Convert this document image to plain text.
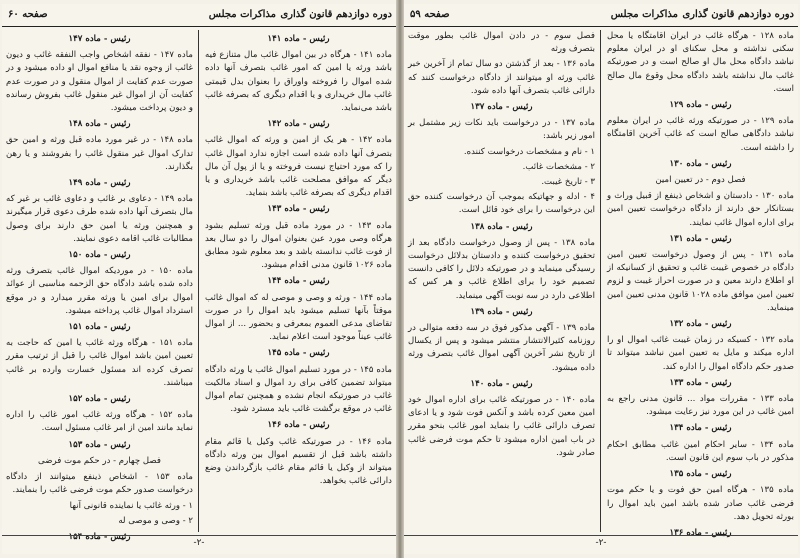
دوره دوازدهم قانون گذاری
مذاکرات مجلس
صفحه ۶۰

رئیس - ماده ۱۴۱

ماده ۱۴۱ - هرگاه در بین اموال غائب مال متنازع فیه باشد ورثه یا امین که امور غائب بتصرف آنها داده شده اموال را فروخته واوراق را بعنوان بدل قیمتی غائب مال خریداری و یا اقدام دیگری که بصرفه غائب باشد می‌نماید.

رئیس - ماده ۱۴۲

ماده ۱۴۲ - هر یک از امین و ورثه که اموال غائب بتصرف آنها داده شده است اجازه ندارد اموال غائب را که مورد احتیاج نیست فروخته و یا از پول آن مال دیگر که موافق مصلحت غائب باشد خریداری و یا اقدام دیگری که بصرفه غائب باشد بنماید.

رئیس - ماده ۱۴۳

ماده ۱۴۳ - در مورد ماده قبل ورثه تسلیم بشود هرگاه وصی مورد عین بعنوان اموال را دو سال بعد از فوت غائب ندانسته باشد و بعد معلوم شود مطابق ماده ۱۰۲۶ قانون مدنی اقدام میشود.

رئیس - ماده ۱۴۴

ماده ۱۴۴ - ورثه و وصی و موصی له که اموال غائب موقتاً بآنها تسلیم میشود باید اموال را در صورت تقاضای مدعی العموم بمعرفی و بحضور ... از اموال غائب عیناً موجود است اعلام نماید.

رئیس - ماده ۱۴۵

ماده ۱۴۵ - در مورد تسلیم اموال غائب یا ورثه دادگاه میتواند تضمین کافی برای رد اموال و اسناد مالکیت غائب در صورتیکه انجام نشده و همچنین تمام اموال غائب در موقع برگشت غائب باید مسترد شود.

رئیس - ماده ۱۴۶

ماده ۱۴۶ - در صورتیکه غائب وکیل یا قائم مقام داشته باشد قبل از تقسیم اموال بین ورثه دادگاه میتواند از وکیل یا قائم مقام غائب بازگرداندن وضع دارائی غائب بخواهد.

رئیس - ماده ۱۴۷

ماده ۱۴۷ - نفقه اشخاص واجب النفقه غائب و دیون غائب از وجوه نقد یا منافع اموال او داده میشود و در صورت عدم کفایت از اموال منقول و در صورت عدم کفایت آن از اموال غیر منقول غائب بفروش رسانده و دیون پرداخت میشود.

رئیس - ماده ۱۴۸

ماده ۱۴۸ - در غیر مورد ماده قبل ورثه و امین حق تدارک اموال غیر منقول غائب را بفروشند و یا رهن بگذارند.

رئیس - ماده ۱۴۹

ماده ۱۴۹ - دعاوی بر غائب و دعاوی غائب بر غیر که مال بتصرف آنها داده شده طرف دعوی قرار میگیرند و همچنین ورثه یا امین حق دارند برای وصول مطالبات غائب اقامه دعوی نمایند.

رئیس - ماده ۱۵۰

ماده ۱۵۰ - در موردیکه اموال غائب بتصرف ورثه داده شده باشد دادگاه حق الزحمه مناسبی از عوائد اموال برای امین یا ورثه مقرر میدارد و در موقع استرداد اموال غائب پرداخته میشود.

رئیس - ماده ۱۵۱

ماده ۱۵۱ - هرگاه ورثه غائب یا امین که حاجت به تعیین امین باشد اموال غائب را قبل از ترتیب مقرر تصرف کرده اند مسئول خسارت وارده بر غائب میباشند.

رئیس - ماده ۱۵۲

ماده ۱۵۲ - هرگاه ورثه غائب امور غائب را اداره نماید مانند امین از امر غائب مسئول است.

رئیس - ماده ۱۵۳

فصل چهارم - در حکم موت فرضی

ماده ۱۵۳ - اشخاص ذینفع میتوانند از دادگاه درخواست صدور حکم موت فرضی غائب را بنمایند.

۱ - ورثه غائب یا نماینده قانونی آنها

۲ - وصی و موصی له

رئیس - ماده ۱۵۴

-۲-
دوره دوازدهم قانون گذاری
مذاکرات مجلس
صفحه ۵۹

ماده ۱۲۸ - هرگاه غائب در ایران اقامتگاه یا محل سکنی نداشته و محل سکنای او در ایران معلوم نباشد دادگاه محل مال او صالح است و در صورتیکه غائب مال نداشته باشد دادگاه محل وقوع مال صالح است.

رئیس - ماده ۱۲۹

ماده ۱۲۹ - در صورتیکه ورثه غائب در ایران معلوم نباشد دادگاهی صالح است که غائب آخرین اقامتگاه را داشته است.

رئیس - ماده ۱۳۰

فصل دوم - در تعیین امین

ماده ۱۳۰ - دادستان و اشخاص ذینفع از قبیل وراث و بستانکار حق دارند از دادگاه درخواست تعیین امین برای اداره اموال غائب نمایند.

رئیس - ماده ۱۳۱

ماده ۱۳۱ - پس از وصول درخواست تعیین امین دادگاه در خصوص غیبت غائب و تحقیق از کسانیکه از او اطلاع دارند معین و در صورت احراز غیبت و لزوم تعیین امین موافق ماده ۱۰۲۸ قانون مدنی تعیین امین مینماید.

رئیس - ماده ۱۳۲

ماده ۱۳۲ - کسیکه در زمان غیبت غائب اموال او را اداره میکند و مایل به تعیین امین نباشد میتواند تا صدور حکم دادگاه اموال را اداره کند.

رئیس - ماده ۱۳۳

ماده ۱۳۳ - مقررات مواد ... قانون مدنی راجع به امین غائب در این مورد نیز رعایت میشود.

رئیس - ماده ۱۳۴

ماده ۱۳۴ - سایر احکام امین غائب مطابق احکام مذکور در باب سوم این قانون است.

رئیس - ماده ۱۳۵

ماده ۱۳۵ - هرگاه امین حق فوت و یا حکم موت فرضی غائب صادر شده باشد امین باید اموال را بورثه تحویل دهد.

رئیس - ماده ۱۳۶

فصل سوم - در دادن اموال غائب بطور موقت بتصرف ورثه

ماده ۱۳۶ - بعد از گذشتن دو سال تمام از آخرین خبر غائب ورثه او میتوانند از دادگاه درخواست کنند که دارائی غائب بتصرف آنها داده شود.

رئیس - ماده ۱۳۷

ماده ۱۳۷ - در درخواست باید نکات زیر مشتمل بر امور زیر باشد:

۱ - نام و مشخصات درخواست کننده.

۲ - مشخصات غائب.

۳ - تاریخ غیبت.

۴ - ادله و جهاتیکه بموجب آن درخواست کننده حق این درخواست را برای خود قائل است.

رئیس - ماده ۱۳۸

ماده ۱۳۸ - پس از وصول درخواست دادگاه بعد از تحقیق درخواست کننده و دادستان بدلائل درخواست رسیدگی مینماید و در صورتیکه دلائل را کافی دانست تصمیم خود را برای اطلاع غائب و هر کس که اطلاعی دارد در سه نوبت آگهی مینماید.

رئیس - ماده ۱۳۹

ماده ۱۳۹ - آگهی مذکور فوق در سه دفعه متوالی در روزنامه کثیرالانتشار منتشر میشود و پس از یکسال از تاریخ نشر آخرین آگهی اموال غائب بتصرف ورثه داده میشود.

رئیس - ماده ۱۴۰

ماده ۱۴۰ - در صورتیکه غائب برای اداره اموال خود امین معین کرده باشد و آنکس فوت شود و یا ادعای تصرف دارائی غائب را بنماید امور غائب بنحو مقرر در باب امین اداره میشود تا حکم موت فرضی غائب صادر شود.

-۲-
